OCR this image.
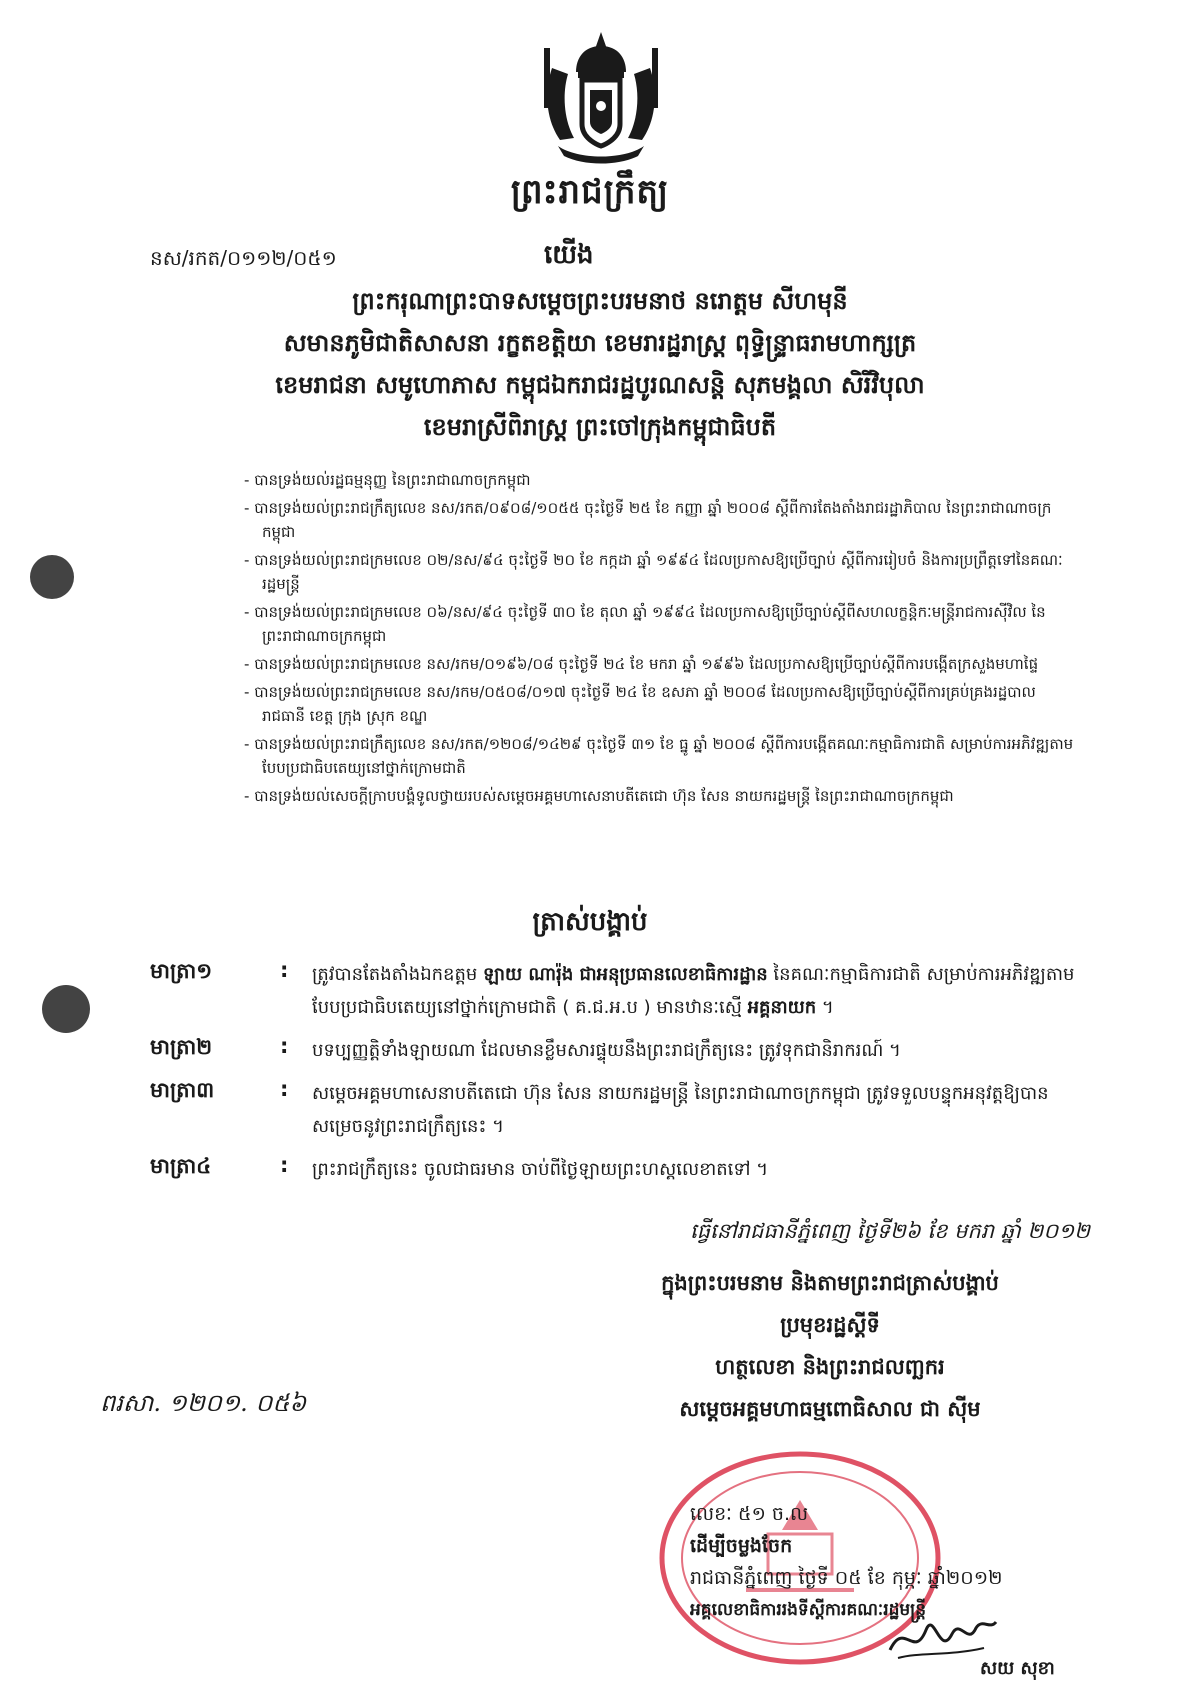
ព្រះរាជក្រឹត្យ
នស/រកត/០១១២/០៥១	យើង
ព្រះករុណាព្រះបាទសម្តេចព្រះបរមនាថ នរោត្តម សីហមុនី
សមានភូមិជាតិសាសនា រក្ខតខត្តិយា ខេមរារដ្ឋរាស្ត្រ ពុទ្ធិន្ទ្រាធរាមហាក្សត្រ
ខេមរាជនា សមូហោភាស កម្ពុជឯករាជរដ្ឋបូរណសន្តិ សុភមង្គលា សិរីវិបុលា
ខេមរាស្រីពិរាស្ត្រ ព្រះចៅក្រុងកម្ពុជាធិបតី
- បានទ្រង់យល់រដ្ឋធម្មនុញ្ញ នៃព្រះរាជាណាចក្រកម្ពុជា
- បានទ្រង់យល់ព្រះរាជក្រឹត្យលេខ នស/រកត/០៩០៨/១០៥៥ ចុះថ្ងៃទី ២៥ ខែ កញ្ញា ឆ្នាំ ២០០៨ ស្តីពីការតែងតាំងរាជរដ្ឋាភិបាល នៃព្រះរាជាណាចក្រកម្ពុជា
- បានទ្រង់យល់ព្រះរាជក្រមលេខ ០២/នស/៩៤ ចុះថ្ងៃទី ២០ ខែ កក្កដា ឆ្នាំ ១៩៩៤ ដែលប្រកាសឱ្យប្រើច្បាប់ ស្តីពីការរៀបចំ និងការប្រព្រឹត្តទៅនៃគណៈរដ្ឋមន្ត្រី
- បានទ្រង់យល់ព្រះរាជក្រមលេខ ០៦/នស/៩៤ ចុះថ្ងៃទី ៣០ ខែ តុលា ឆ្នាំ ១៩៩៤ ដែលប្រកាសឱ្យប្រើច្បាប់ស្តីពីសហលក្ខន្តិកៈមន្ត្រីរាជការស៊ីវិល នៃព្រះរាជាណាចក្រកម្ពុជា
- បានទ្រង់យល់ព្រះរាជក្រមលេខ នស/រកម/០១៩៦/០៨ ចុះថ្ងៃទី ២៤ ខែ មករា ឆ្នាំ ១៩៩៦ ដែលប្រកាសឱ្យប្រើច្បាប់ស្តីពីការបង្កើតក្រសួងមហាផ្ទៃ
- បានទ្រង់យល់ព្រះរាជក្រមលេខ នស/រកម/០៥០៨/០១៧ ចុះថ្ងៃទី ២៤ ខែ ឧសភា ឆ្នាំ ២០០៨ ដែលប្រកាសឱ្យប្រើច្បាប់ស្តីពីការគ្រប់គ្រងរដ្ឋបាលរាជធានី ខេត្ត ក្រុង ស្រុក ខណ្ឌ
- បានទ្រង់យល់ព្រះរាជក្រឹត្យលេខ នស/រកត/១២០៨/១៤២៩ ចុះថ្ងៃទី ៣១ ខែ ធ្នូ ឆ្នាំ ២០០៨ ស្តីពីការបង្កើតគណៈកម្មាធិការជាតិ សម្រាប់ការអភិវឌ្ឍតាមបែបប្រជាធិបតេយ្យនៅថ្នាក់ក្រោមជាតិ
- បានទ្រង់យល់សេចក្តីក្រាបបង្គំទូលថ្វាយរបស់សម្តេចអគ្គមហាសេនាបតីតេជោ ហ៊ុន សែន នាយករដ្ឋមន្ត្រី នៃព្រះរាជាណាចក្រកម្ពុជា
ត្រាស់បង្គាប់
មាត្រា១	:	ត្រូវបានតែងតាំងឯកឧត្តម ឡាយ ណារ៉ុង ជាអនុប្រធានលេខាធិការដ្ឋាន នៃគណៈកម្មាធិការជាតិ សម្រាប់ការអភិវឌ្ឍតាមបែបប្រជាធិបតេយ្យនៅថ្នាក់ក្រោមជាតិ ( គ.ជ.អ.ប ) មានឋានៈស្មើ អគ្គនាយក ។
មាត្រា២	:	បទប្បញ្ញត្តិទាំងឡាយណា ដែលមានខ្លឹមសារផ្ទុយនឹងព្រះរាជក្រឹត្យនេះ ត្រូវទុកជានិរាករណ៍ ។
មាត្រា៣	:	សម្តេចអគ្គមហាសេនាបតីតេជោ ហ៊ុន សែន នាយករដ្ឋមន្ត្រី នៃព្រះរាជាណាចក្រកម្ពុជា ត្រូវទទួលបន្ទុកអនុវត្តឱ្យបានសម្រេចនូវព្រះរាជក្រឹត្យនេះ ។
មាត្រា៤	:	ព្រះរាជក្រឹត្យនេះ ចូលជាធរមាន ចាប់ពីថ្ងៃឡាយព្រះហស្តលេខាតទៅ ។
ធ្វើនៅរាជធានីភ្នំពេញ ថ្ងៃទី២៦ ខែ មករា ឆ្នាំ ២០១២
ក្នុងព្រះបរមនាម និងតាមព្រះរាជត្រាស់បង្គាប់
ប្រមុខរដ្ឋស្តីទី
ហត្ថលេខា និងព្រះរាជលញ្ឆករ
សម្តេចអគ្គមហាធម្មពោធិសាល ជា ស៊ីម
ពរសា. ១២០១. ០៥៦
លេខៈ ៥១ ច.ល
ដើម្បីចម្លងចែក
រាជធានីភ្នំពេញ ថ្ងៃទី ០៥ ខែ កុម្ភៈ ឆ្នាំ២០១២
អគ្គលេខាធិការរងទីស្តីការគណៈរដ្ឋមន្ត្រី
សយ សុខា
